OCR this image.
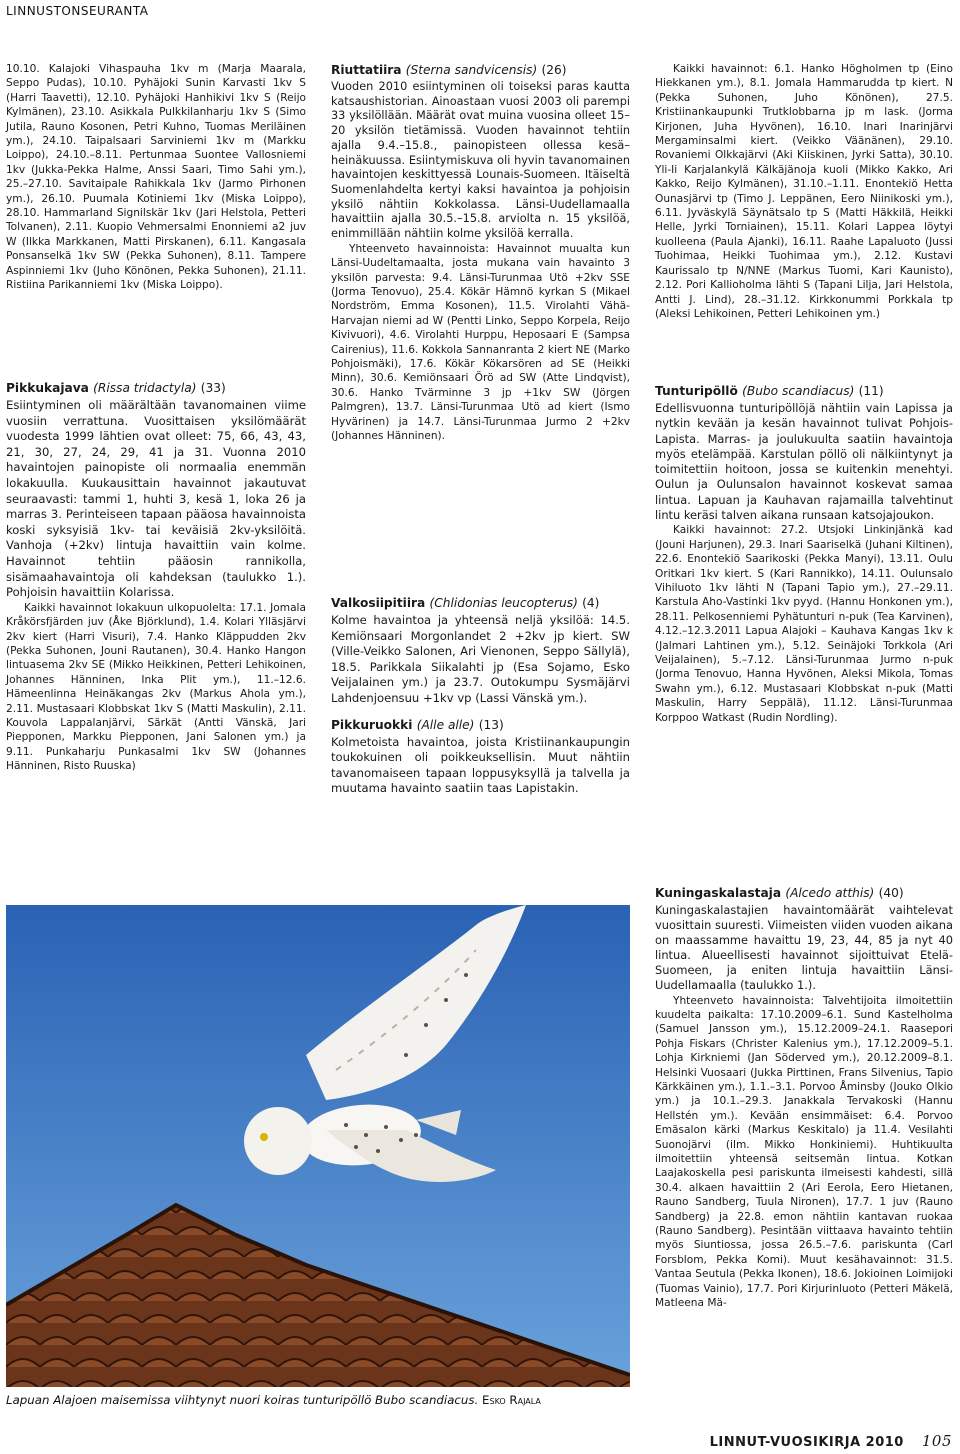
LINNUSTONSEURANTA

10.10. Kalajoki Vihaspauha 1kv m (Marja Maarala, Seppo Pudas), 10.10. Pyhäjoki Sunin Karvasti 1kv S (Harri Taavetti), 12.10. Pyhäjoki Hanhikivi 1kv S (Reijo Kylmänen), 23.10. Asikkala Pulkkilanharju 1kv S (Simo Jutila, Rauno Kosonen, Petri Kuhno, Tuomas Meriläinen ym.), 24.10. Taipalsaari Sarviniemi 1kv m (Markku Loippo), 24.10.–8.11. Pertunmaa Suontee Vallosniemi 1kv (Jukka-Pekka Halme, Anssi Saari, Timo Sahi ym.), 25.–27.10. Savitaipale Rahikkala 1kv (Jarmo Pirhonen ym.), 26.10. Puumala Kotiniemi 1kv (Miska Loippo), 28.10. Hammarland Signilskär 1kv (Jari Helstola, Petteri Tolvanen), 2.11. Kuopio Vehmersalmi Enonniemi a2 juv W (Ilkka Markkanen, Matti Pirskanen), 6.11. Kangasala Ponsanselkä 1kv SW (Pekka Suhonen), 8.11. Tampere Aspinniemi 1kv (Juho Könönen, Pekka Suhonen), 21.11. Ristiina Parikanniemi 1kv (Miska Loippo).

Pikkukajava (Rissa tridactyla) (33)

Esiintyminen oli määrältään tavanomainen viime vuosiin verrattuna. Vuosittaisen yksilömäärät vuodesta 1999 lähtien ovat olleet: 75, 66, 43, 43, 21, 30, 27, 24, 29, 41 ja 31. Vuonna 2010 havaintojen painopiste oli normaalia enemmän lokakuulla. Kuukausittain havainnot jakautuvat seuraavasti: tammi 1, huhti 3, kesä 1, loka 26 ja marras 3. Perinteiseen tapaan pääosa havainnoista koski syksyisiä 1kv- tai keväisiä 2kv-yksilöitä. Vanhoja (+2kv) lintuja havaittiin vain kolme. Havainnot tehtiin pääosin rannikolla, sisämaahavaintoja oli kahdeksan (taulukko 1.). Pohjoisin havaittiin Kolarissa.

Kaikki havainnot lokakuun ulkopuolelta: 17.1. Jomala Kråkörsfjärden juv (Åke Björklund), 1.4. Kolari Ylläsjärvi 2kv kiert (Harri Visuri), 7.4. Hanko Kläppudden 2kv (Pekka Suhonen, Jouni Rautanen), 30.4. Hanko Hangon lintuasema 2kv SE (Mikko Heikkinen, Petteri Lehikoinen, Johannes Hänninen, Inka Plit ym.), 11.–12.6. Hämeenlinna Heinäkangas 2kv (Markus Ahola ym.), 2.11. Mustasaari Klobbskat 1kv S (Matti Maskulin), 2.11. Kouvola Lappalanjärvi, Särkät (Antti Vänskä, Jari Piepponen, Markku Piepponen, Jani Salonen ym.) ja 9.11. Punkaharju Punkasalmi 1kv SW (Johannes Hänninen, Risto Ruuska)

Riuttatiira (Sterna sandvicensis) (26)

Vuoden 2010 esiintyminen oli toiseksi paras kautta katsaushistorian. Ainoastaan vuosi 2003 oli parempi 33 yksilöllään. Määrät ovat muina vuosina olleet 15–20 yksilön tietämissä. Vuoden havainnot tehtiin ajalla 9.4.–15.8., painopisteen ollessa kesä–heinäkuussa. Esiintymiskuva oli hyvin tavanomainen havaintojen keskittyessä Lounais-Suomeen. Itäiseltä Suomenlahdelta kertyi kaksi havaintoa ja pohjoisin yksilö nähtiin Kokkolassa. Länsi-Uudellamaalla havaittiin ajalla 30.5.–15.8. arviolta n. 15 yksilöä, enimmillään nähtiin kolme yksilöä kerralla.

Yhteenveto havainnoista: Havainnot muualta kun Länsi-Uudeltamaalta, josta mukana vain havainto 3 yksilön parvesta: 9.4. Länsi-Turunmaa Utö +2kv SSE (Jorma Tenovuo), 25.4. Kökär Hämnö kyrkan S (Mikael Nordström, Emma Kosonen), 11.5. Virolahti Vähä-Harvajan niemi ad W (Pentti Linko, Seppo Korpela, Reijo Kivivuori), 4.6. Virolahti Hurppu, Heposaari E (Sampsa Cairenius), 11.6. Kokkola Sannanranta 2 kiert NE (Marko Pohjoismäki), 17.6. Kökär Kökarsören ad SE (Heikki Minn), 30.6. Kemiönsaari Örö ad SW (Atte Lindqvist), 30.6. Hanko Tvärminne 3 jp +1kv SW (Jörgen Palmgren), 13.7. Länsi-Turunmaa Utö ad kiert (Ismo Hyvärinen) ja 14.7. Länsi-Turunmaa Jurmo 2 +2kv (Johannes Hänninen).

Valkosiipitiira (Chlidonias leucopterus) (4)

Kolme havaintoa ja yhteensä neljä yksilöä: 14.5. Kemiönsaari Morgonlandet 2 +2kv jp kiert. SW (Ville-Veikko Salonen, Ari Vienonen, Seppo Sällylä), 18.5. Parikkala Siikalahti jp (Esa Sojamo, Esko Veijalainen ym.) ja 23.7. Outokumpu Sysmäjärvi Lahdenjoensuu +1kv vp (Lassi Vänskä ym.).

Pikkuruokki (Alle alle) (13)

Kolmetoista havaintoa, joista Kristiinankaupungin toukokuinen oli poikkeuksellisin. Muut nähtiin tavanomaiseen tapaan loppusyksyllä ja talvella ja muutama havainto saatiin taas Lapistakin.

Kaikki havainnot: 6.1. Hanko Högholmen tp (Eino Hiekkanen ym.), 8.1. Jomala Hammarudda tp kiert. N (Pekka Suhonen, Juho Könönen), 27.5. Kristiinankaupunki Trutklobbarna jp m lask. (Jorma Kirjonen, Juha Hyvönen), 16.10. Inari Inarinjärvi Mergaminsalmi kiert. (Veikko Väänänen), 29.10. Rovaniemi Olkkajärvi (Aki Kiiskinen, Jyrki Satta), 30.10. Yli-Ii Karjalankylä Kälkäjänoja kuoli (Mikko Kakko, Ari Kakko, Reijo Kylmänen), 31.10.–1.11. Enontekiö Hetta Ounasjärvi tp (Timo J. Leppänen, Eero Niinikoski ym.), 6.11. Jyväskylä Säynätsalo tp S (Matti Häkkilä, Heikki Helle, Jyrki Torniainen), 15.11. Kolari Lappea löytyi kuolleena (Paula Ajanki), 16.11. Raahe Lapaluoto (Jussi Tuohimaa, Heikki Tuohimaa ym.), 2.12. Kustavi Kaurissalo tp N/NNE (Markus Tuomi, Kari Kaunisto), 2.12. Pori Kallioholma lähti S (Tapani Lilja, Jari Helstola, Antti J. Lind), 28.–31.12. Kirkkonummi Porkkala tp (Aleksi Lehikoinen, Petteri Lehikoinen ym.)

Tunturipöllö (Bubo scandiacus) (11)

Edellisvuonna tunturipöllöjä nähtiin vain Lapissa ja nytkin kevään ja kesän havainnot tulivat Pohjois-Lapista. Marras- ja joulukuulta saatiin havaintoja myös etelämpää. Karstulan pöllö oli nälkiintynyt ja toimitettiin hoitoon, jossa se kuitenkin menehtyi. Oulun ja Oulunsalon havainnot koskevat samaa lintua. Lapuan ja Kauhavan rajamailla talvehtinut lintu keräsi talven aikana runsaan katsojajoukon.

Kaikki havainnot: 27.2. Utsjoki Linkinjänkä kad (Jouni Harjunen), 29.3. Inari Saariselkä (Juhani Kiltinen), 22.6. Enontekiö Saarikoski (Pekka Manyi), 13.11. Oulu Oritkari 1kv kiert. S (Kari Rannikko), 14.11. Oulunsalo Vihiluoto 1kv lähti N (Tapani Tapio ym.), 27.–29.11. Karstula Aho-Vastinki 1kv pyyd. (Hannu Honkonen ym.), 28.11. Pelkosenniemi Pyhätunturi n-puk (Tea Karvinen), 4.12.–12.3.2011 Lapua Alajoki – Kauhava Kangas 1kv k (Jalmari Lahtinen ym.), 5.12. Seinäjoki Torkkola (Ari Veijalainen), 5.–7.12. Länsi-Turunmaa Jurmo n-puk (Jorma Tenovuo, Hanna Hyvönen, Aleksi Mikola, Tomas Swahn ym.), 6.12. Mustasaari Klobbskat n-puk (Matti Maskulin, Harry Seppälä), 11.12. Länsi-Turunmaa Korppoo Watkast (Rudin Nordling).

Kuningaskalastaja (Alcedo atthis) (40)

Kuningaskalastajien havaintomäärät vaihtelevat vuosittain suuresti. Viimeisten viiden vuoden aikana on maassamme havaittu 19, 23, 44, 85 ja nyt 40 lintua. Alueellisesti havainnot sijoittuivat Etelä-Suomeen, ja eniten lintuja havaittiin Länsi-Uudellamaalla (taulukko 1.).

Yhteenveto havainnoista: Talvehtijoita ilmoitettiin kuudelta paikalta: 17.10.2009–6.1. Sund Kastelholma (Samuel Jansson ym.), 15.12.2009–24.1. Raasepori Pohja Fiskars (Christer Kalenius ym.), 17.12.2009–5.1. Lohja Kirkniemi (Jan Söderved ym.), 20.12.2009–8.1. Helsinki Vuosaari (Jukka Pirttinen, Frans Silvenius, Tapio Kärkkäinen ym.), 1.1.–3.1. Porvoo Åminsby (Jouko Olkio ym.) ja 10.1.–29.3. Janakkala Tervakoski (Hannu Hellstén ym.). Kevään ensimmäiset: 6.4. Porvoo Emäsalon kärki (Markus Keskitalo) ja 11.4. Vesilahti Suonojärvi (ilm. Mikko Honkiniemi). Huhtikuulta ilmoitettiin yhteensä seitsemän lintua. Kotkan Laajakoskella pesi pariskunta ilmeisesti kahdesti, sillä 30.4. alkaen havaittiin 2 (Ari Eerola, Eero Hietanen, Rauno Sandberg, Tuula Nironen), 17.7. 1 juv (Rauno Sandberg) ja 22.8. emon nähtiin kantavan ruokaa (Rauno Sandberg). Pesintään viittaava havainto tehtiin myös Siuntiossa, jossa 26.5.–7.6. pariskunta (Carl Forsblom, Pekka Komi). Muut kesähavainnot: 31.5. Vantaa Seutula (Pekka Ikonen), 18.6. Jokioinen Loimijoki (Tuomas Vainio), 17.7. Pori Kirjurinluoto (Petteri Mäkelä, Matleena Mä-

Lapuan Alajoen maisemissa viihtynyt nuori koiras tunturipöllö Bubo scandiacus. Esko Rajala
LINNUT-VUOSIKIRJA 2010 105
